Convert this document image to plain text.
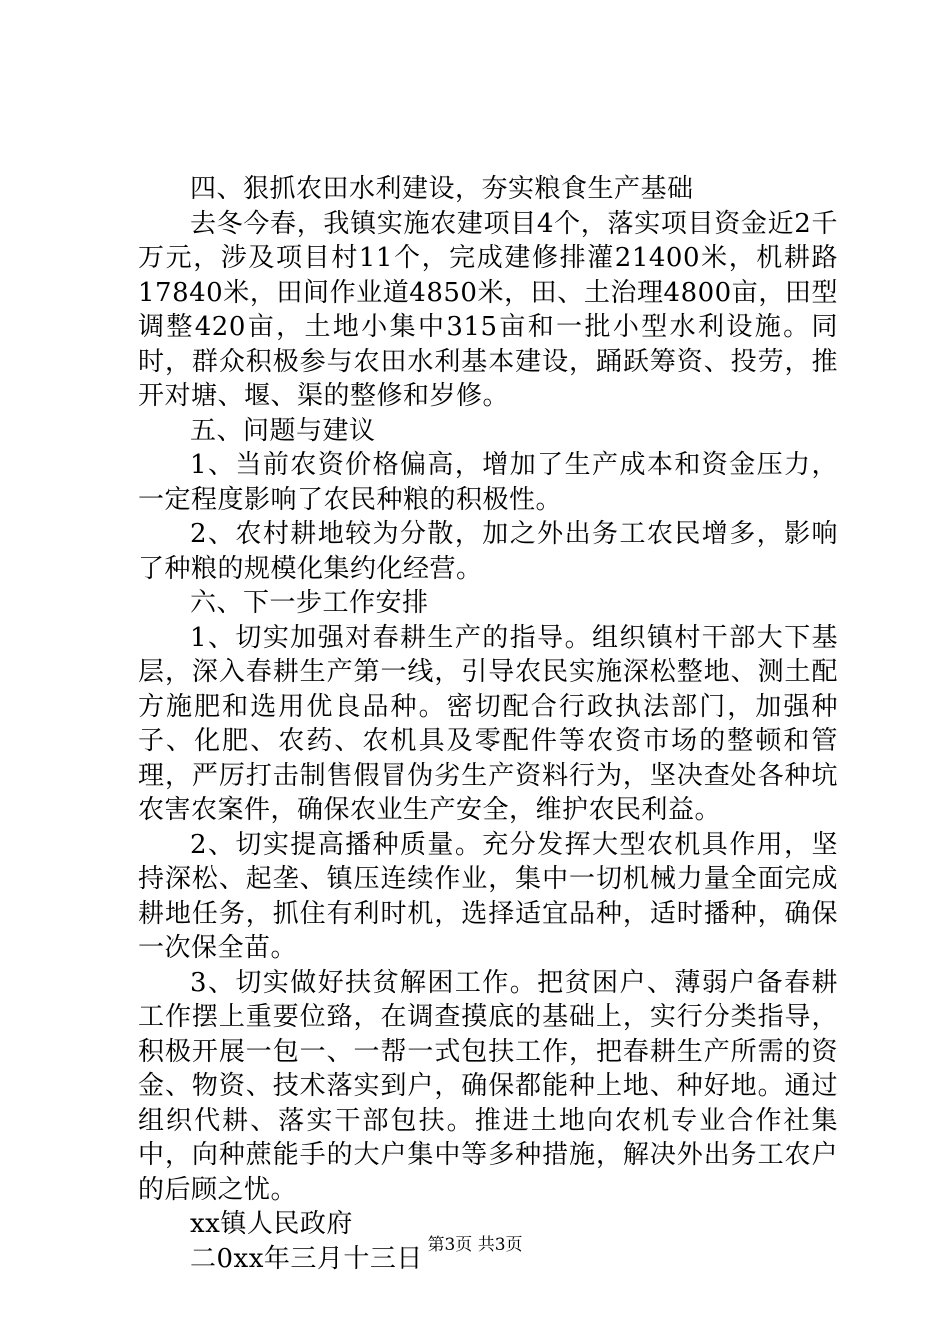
四、狠抓农田水利建设，夯实粮食生产基础

去冬今春，我镇实施农建项目4个，落实项目资金近2千万元，涉及项目村11个，完成建修排灌21400米，机耕路17840米，田间作业道4850米，田、土治理4800亩，田型调整420亩，土地小集中315亩和一批小型水利设施。同时，群众积极参与农田水利基本建设，踊跃筹资、投劳，推开对塘、堰、渠的整修和岁修。

五、问题与建议

1、当前农资价格偏高，增加了生产成本和资金压力，一定程度影响了农民种粮的积极性。

2、农村耕地较为分散，加之外出务工农民增多，影响了种粮的规模化集约化经营。

六、下一步工作安排

1、切实加强对春耕生产的指导。组织镇村干部大下基层，深入春耕生产第一线，引导农民实施深松整地、测土配方施肥和选用优良品种。密切配合行政执法部门，加强种子、化肥、农药、农机具及零配件等农资市场的整顿和管理，严厉打击制售假冒伪劣生产资料行为，坚决查处各种坑农害农案件，确保农业生产安全，维护农民利益。

2、切实提高播种质量。充分发挥大型农机具作用，坚持深松、起垄、镇压连续作业，集中一切机械力量全面完成耕地任务，抓住有利时机，选择适宜品种，适时播种，确保一次保全苗。

3、切实做好扶贫解困工作。把贫困户、薄弱户备春耕工作摆上重要位臵，在调查摸底的基础上，实行分类指导，积极开展一包一、一帮一式包扶工作，把春耕生产所需的资金、物资、技术落实到户，确保都能种上地、种好地。通过组织代耕、落实干部包扶。推进土地向农机专业合作社集中，向种蔗能手的大户集中等多种措施，解决外出务工农户的后顾之忧。

xx镇人民政府

二0xx年三月十三日 第3页 共3页
